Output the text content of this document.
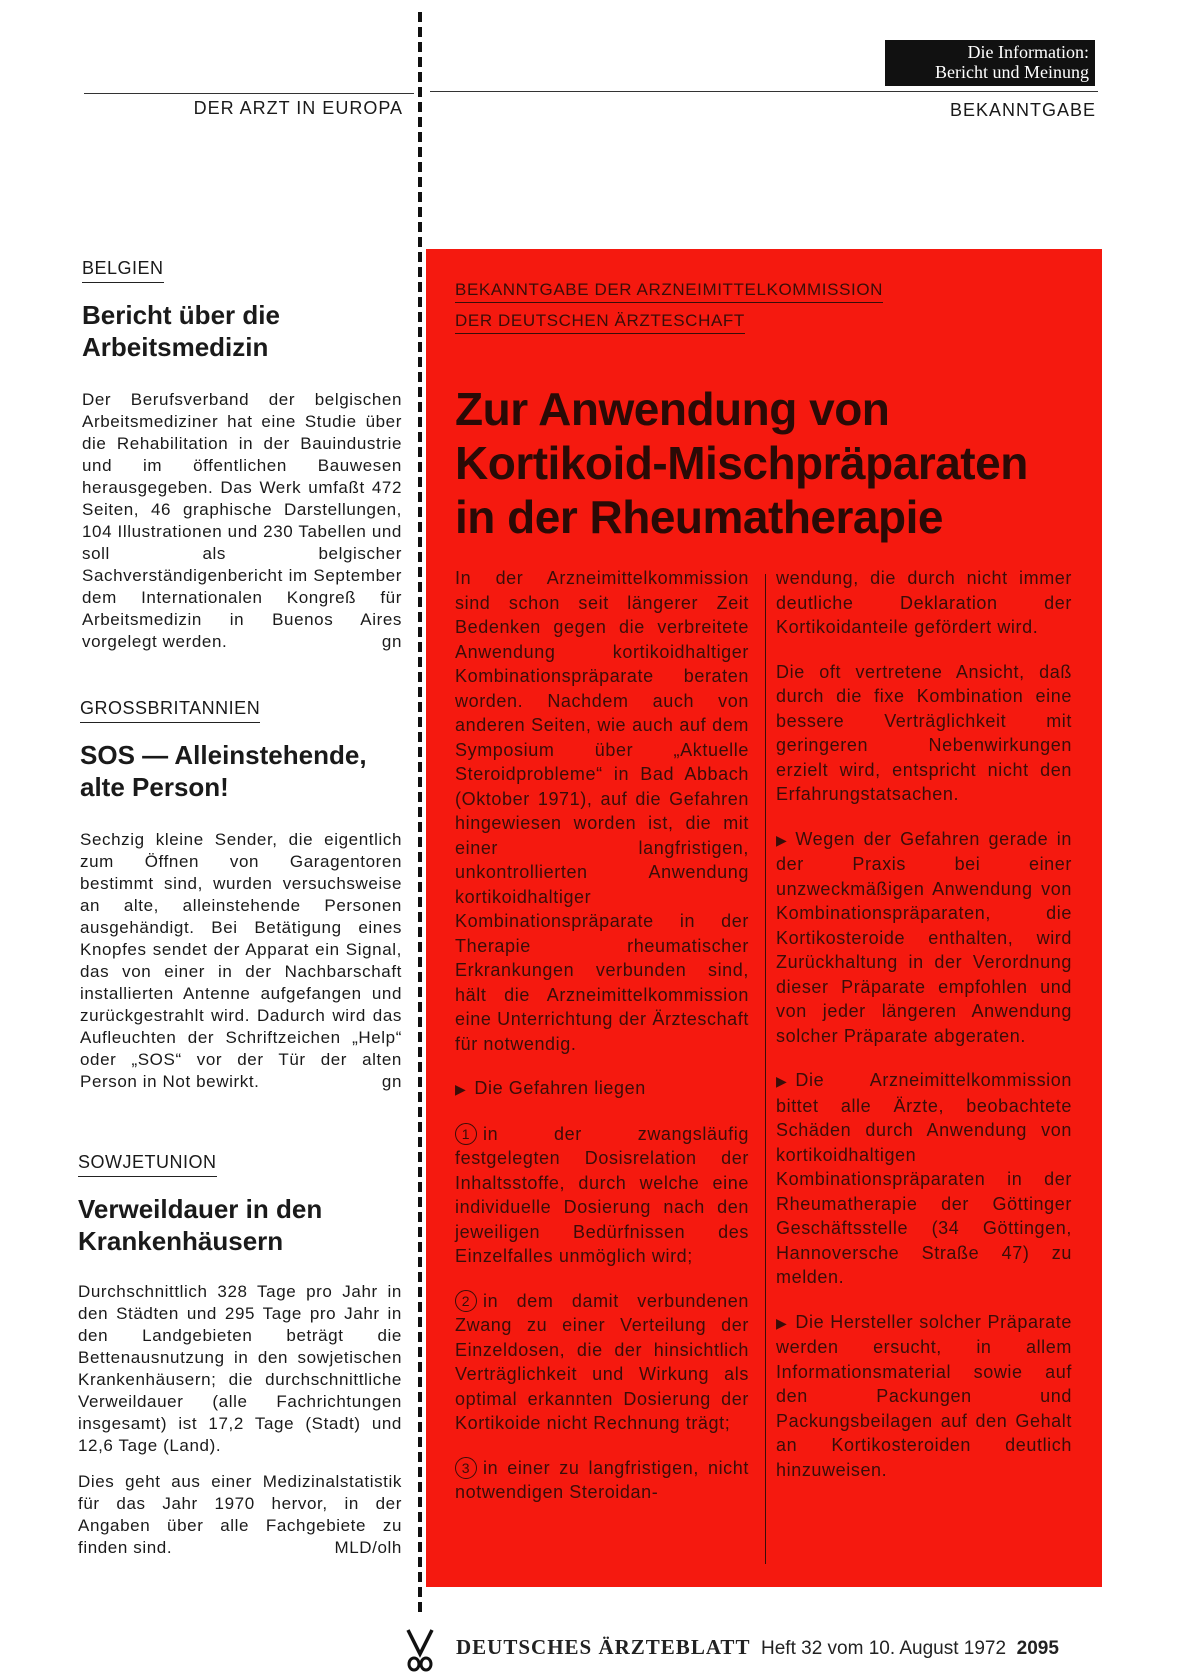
Die Information:
Bericht und Meinung
DER ARZT IN EUROPA	BEKANNTGABE
BELGIEN
Bericht über die Arbeitsmedizin

Der Berufsverband der belgischen Arbeitsmediziner hat eine Studie über die Rehabilitation in der Bauindustrie und im öffentlichen Bauwesen herausgegeben. Das Werk umfaßt 472 Seiten, 46 graphische Darstellungen, 104 Illustrationen und 230 Tabellen und soll als belgischer Sachverständigenbericht im September dem Internationalen Kongreß für Arbeitsmedizin in Buenos Aires vorgelegt werden.	gn

GROSSBRITANNIEN
SOS — Alleinstehende, alte Person!

Sechzig kleine Sender, die eigentlich zum Öffnen von Garagentoren bestimmt sind, wurden versuchsweise an alte, alleinstehende Personen ausgehändigt. Bei Betätigung eines Knopfes sendet der Apparat ein Signal, das von einer in der Nachbarschaft installierten Antenne aufgefangen und zurückgestrahlt wird. Dadurch wird das Aufleuchten der Schriftzeichen „Help“ oder „SOS“ vor der Tür der alten Person in Not bewirkt.	gn

SOWJETUNION
Verweildauer in den Krankenhäusern

Durchschnittlich 328 Tage pro Jahr in den Städten und 295 Tage pro Jahr in den Landgebieten beträgt die Bettenausnutzung in den sowjetischen Krankenhäusern; die durchschnittliche Verweildauer (alle Fachrichtungen insgesamt) ist 17,2 Tage (Stadt) und 12,6 Tage (Land).

Dies geht aus einer Medizinalstatistik für das Jahr 1970 hervor, in der Angaben über alle Fachgebiete zu finden sind.	MLD/olh

BEKANNTGABE DER ARZNEIMITTELKOMMISSION
DER DEUTSCHEN ÄRZTESCHAFT
Zur Anwendung von
Kortikoid-Mischpräparaten
in der Rheumatherapie

In der Arzneimittelkommission sind schon seit längerer Zeit Bedenken gegen die verbreitete Anwendung kortikoidhaltiger Kombinationspräparate beraten worden. Nachdem auch von anderen Seiten, wie auch auf dem Symposium über „Aktuelle Steroidprobleme“ in Bad Abbach (Oktober 1971), auf die Gefahren hingewiesen worden ist, die mit einer langfristigen, unkontrollierten Anwendung kortikoidhaltiger Kombinationspräparate in der Therapie rheumatischer Erkrankungen verbunden sind, hält die Arzneimittelkommission eine Unterrichtung der Ärzteschaft für notwendig.

▶ Die Gefahren liegen

1 in der zwangsläufig festgelegten Dosisrelation der Inhaltsstoffe, durch welche eine individuelle Dosierung nach den jeweiligen Bedürfnissen des Einzelfalles unmöglich wird;

2 in dem damit verbundenen Zwang zu einer Verteilung der Einzeldosen, die der hinsichtlich Verträglichkeit und Wirkung als optimal erkannten Dosierung der Kortikoide nicht Rechnung trägt;

3 in einer zu langfristigen, nicht notwendigen Steroidan-

wendung, die durch nicht immer deutliche Deklaration der Kortikoidanteile gefördert wird.

Die oft vertretene Ansicht, daß durch die fixe Kombination eine bessere Verträglichkeit mit geringeren Nebenwirkungen erzielt wird, entspricht nicht den Erfahrungstatsachen.

▶ Wegen der Gefahren gerade in der Praxis bei einer unzweckmäßigen Anwendung von Kombinationspräparaten, die Kortikosteroide enthalten, wird Zurückhaltung in der Verordnung dieser Präparate empfohlen und von jeder längeren Anwendung solcher Präparate abgeraten.

▶ Die Arzneimittelkommission bittet alle Ärzte, beobachtete Schäden durch Anwendung von kortikoidhaltigen Kombinationspräparaten in der Rheumatherapie der Göttinger Geschäftsstelle (34 Göttingen, Hannoversche Straße 47) zu melden.

▶ Die Hersteller solcher Präparate werden ersucht, in allem Informationsmaterial sowie auf den Packungen und Packungsbeilagen auf den Gehalt an Kortikosteroiden deutlich hinzuweisen.

DEUTSCHES ÄRZTEBLATT Heft 32 vom 10. August 1972 2095
